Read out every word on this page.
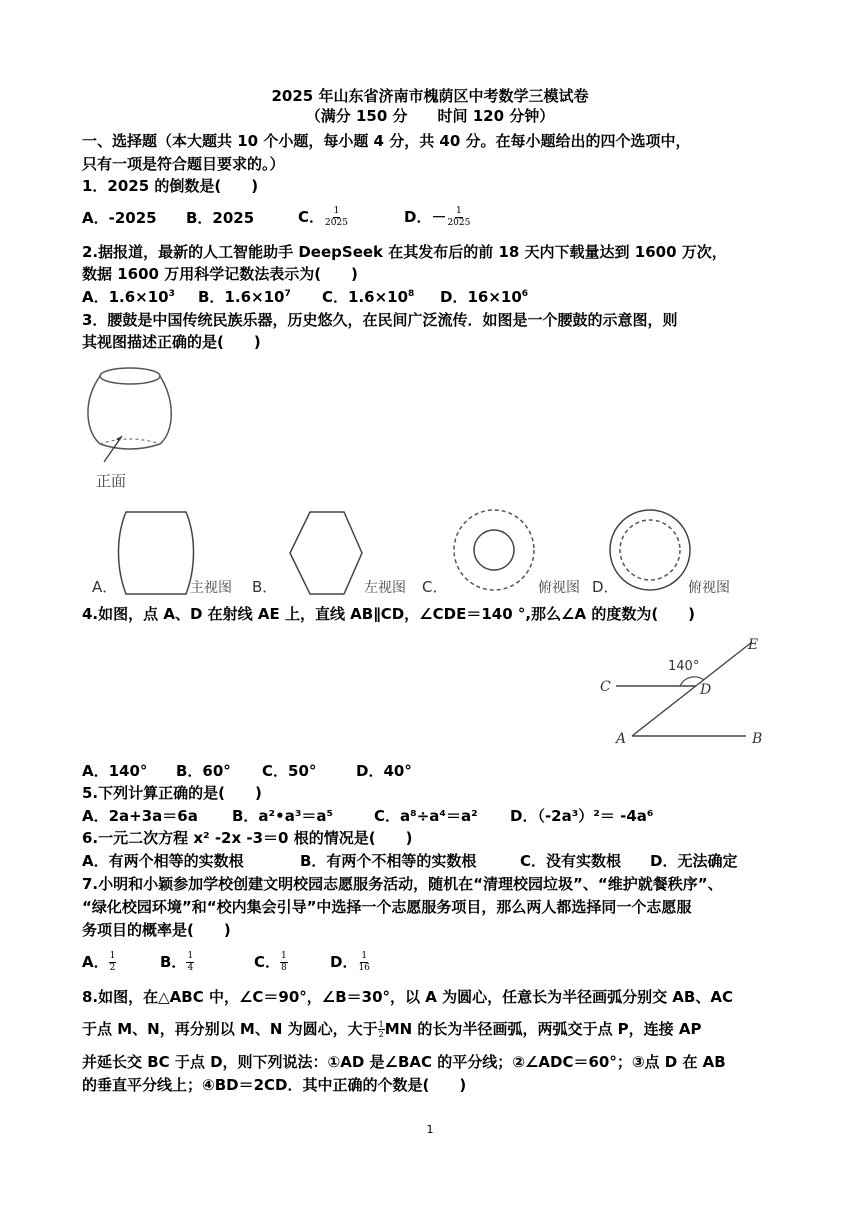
2025 年山东省济南市槐荫区中考数学三模试卷
（满分 150 分　　时间 120 分钟）
一、选择题（本大题共 10 个小题，每小题 4 分，共 40 分。在每小题给出的四个选项中，
只有一项是符合题目要求的。）
1．2025 的倒数是(　　)
A．-2025 B．2025	C． $\frac{1}{2025}$	D．－ $\frac{1}{2025}$
2.据报道，最新的人工智能助手 DeepSeek 在其发布后的前 18 天内下载量达到 1600 万次，
数据 1600 万用科学记数法表示为(　　)
A．$1.6\times 10^3$ B．$1.6\times 10^7$ C．$1.6\times 10^8$ D．$16\times 10^6$
3．腰鼓是中国传统民族乐器，历史悠久，在民间广泛流传．如图是一个腰鼓的示意图，则
其视图描述正确的是(　　)
正面
A．	主视图 B．	左视图 C．	俯视图 D．	俯视图
4.如图，点 A、D 在射线 AE 上，直线 AB∥CD，∠CDE＝140 °,那么∠A 的度数为(　　)
140°
C	D
E
A	B
A．140° B．60° C．50°	D．40°
5.下列计算正确的是(　　)
A．2a+3a＝6a B．a²•a³＝a⁵	C．a⁸÷a⁴＝a² D．（-2a³）²＝ -4a⁶
6.一元二次方程 x² -2x -3＝0 根的情况是(　　)
A．有两个相等的实数根	B．有两个不相等的实数根	C．没有实数根 D．无法确定
7.小明和小颖参加学校创建文明校园志愿服务活动，随机在“清理校园垃圾”、“维护就餐秩序”、
“绿化校园环境”和“校内集会引导”中选择一个志愿服务项目，那么两人都选择同一个志愿服
务项目的概率是(　　)
A． $\frac{1}{2}$	B． $\frac{1}{4}$	C． $\frac{1}{8}$	D． $\frac{1}{16}$
8.如图，在△ABC 中，∠C＝90°，∠B＝30°，以 A 为圆心，任意长为半径画弧分别交 AB、AC
于点 M、N，再分别以 M、N 为圆心，大于 $\frac{1}{2}$ MN 的长为半径画弧，两弧交于点 P，连接 AP
并延长交 BC 于点 D，则下列说法：①AD 是∠BAC 的平分线；②∠ADC＝60°；③点 D 在 AB
的垂直平分线上；④BD＝2CD．其中正确的个数是(　　)
1
